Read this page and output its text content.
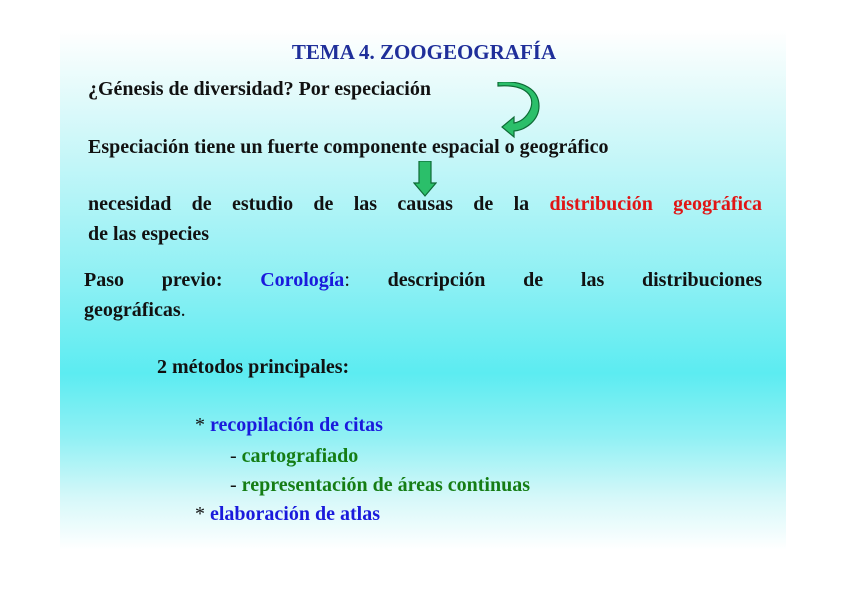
TEMA 4. ZOOGEOGRAFÍA

¿Génesis de diversidad? Por especiación

Especiación tiene un fuerte componente espacial o geográfico

necesidad de estudio de las causas de la distribución geográfica

de las especies

Paso previo: Corología: descripción de las distribuciones

geográficas.

2 métodos principales:

* recopilación de citas

- cartografiado

- representación de áreas continuas

* elaboración de atlas
